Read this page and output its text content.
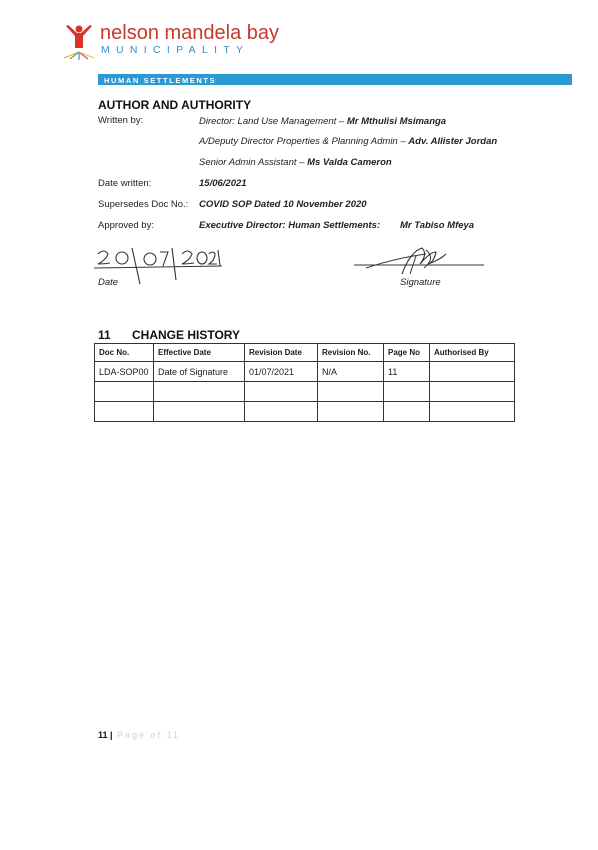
nelson mandela bay
MUNICIPALITY
HUMAN SETTLEMENTS
AUTHOR AND AUTHORITY
Written by:	Director: Land Use Management – Mr Mthulisi Msimanga
A/Deputy Director Properties & Planning Admin – Adv. Allister Jordan
Senior Admin Assistant – Ms Valda Cameron
Date written:	15/06/2021
Supersedes Doc No.: COVID SOP Dated 10 November 2020
Approved by:	Executive Director: Human Settlements: Mr Tabiso Mfeya
Date	Signature
11 CHANGE HISTORY
Doc No.	Effective Date	Revision Date	Revision No.	Page No	Authorised By
LDA-SOP00	Date of Signature	01/07/2021	N/A	11	

11 | Page of 11
